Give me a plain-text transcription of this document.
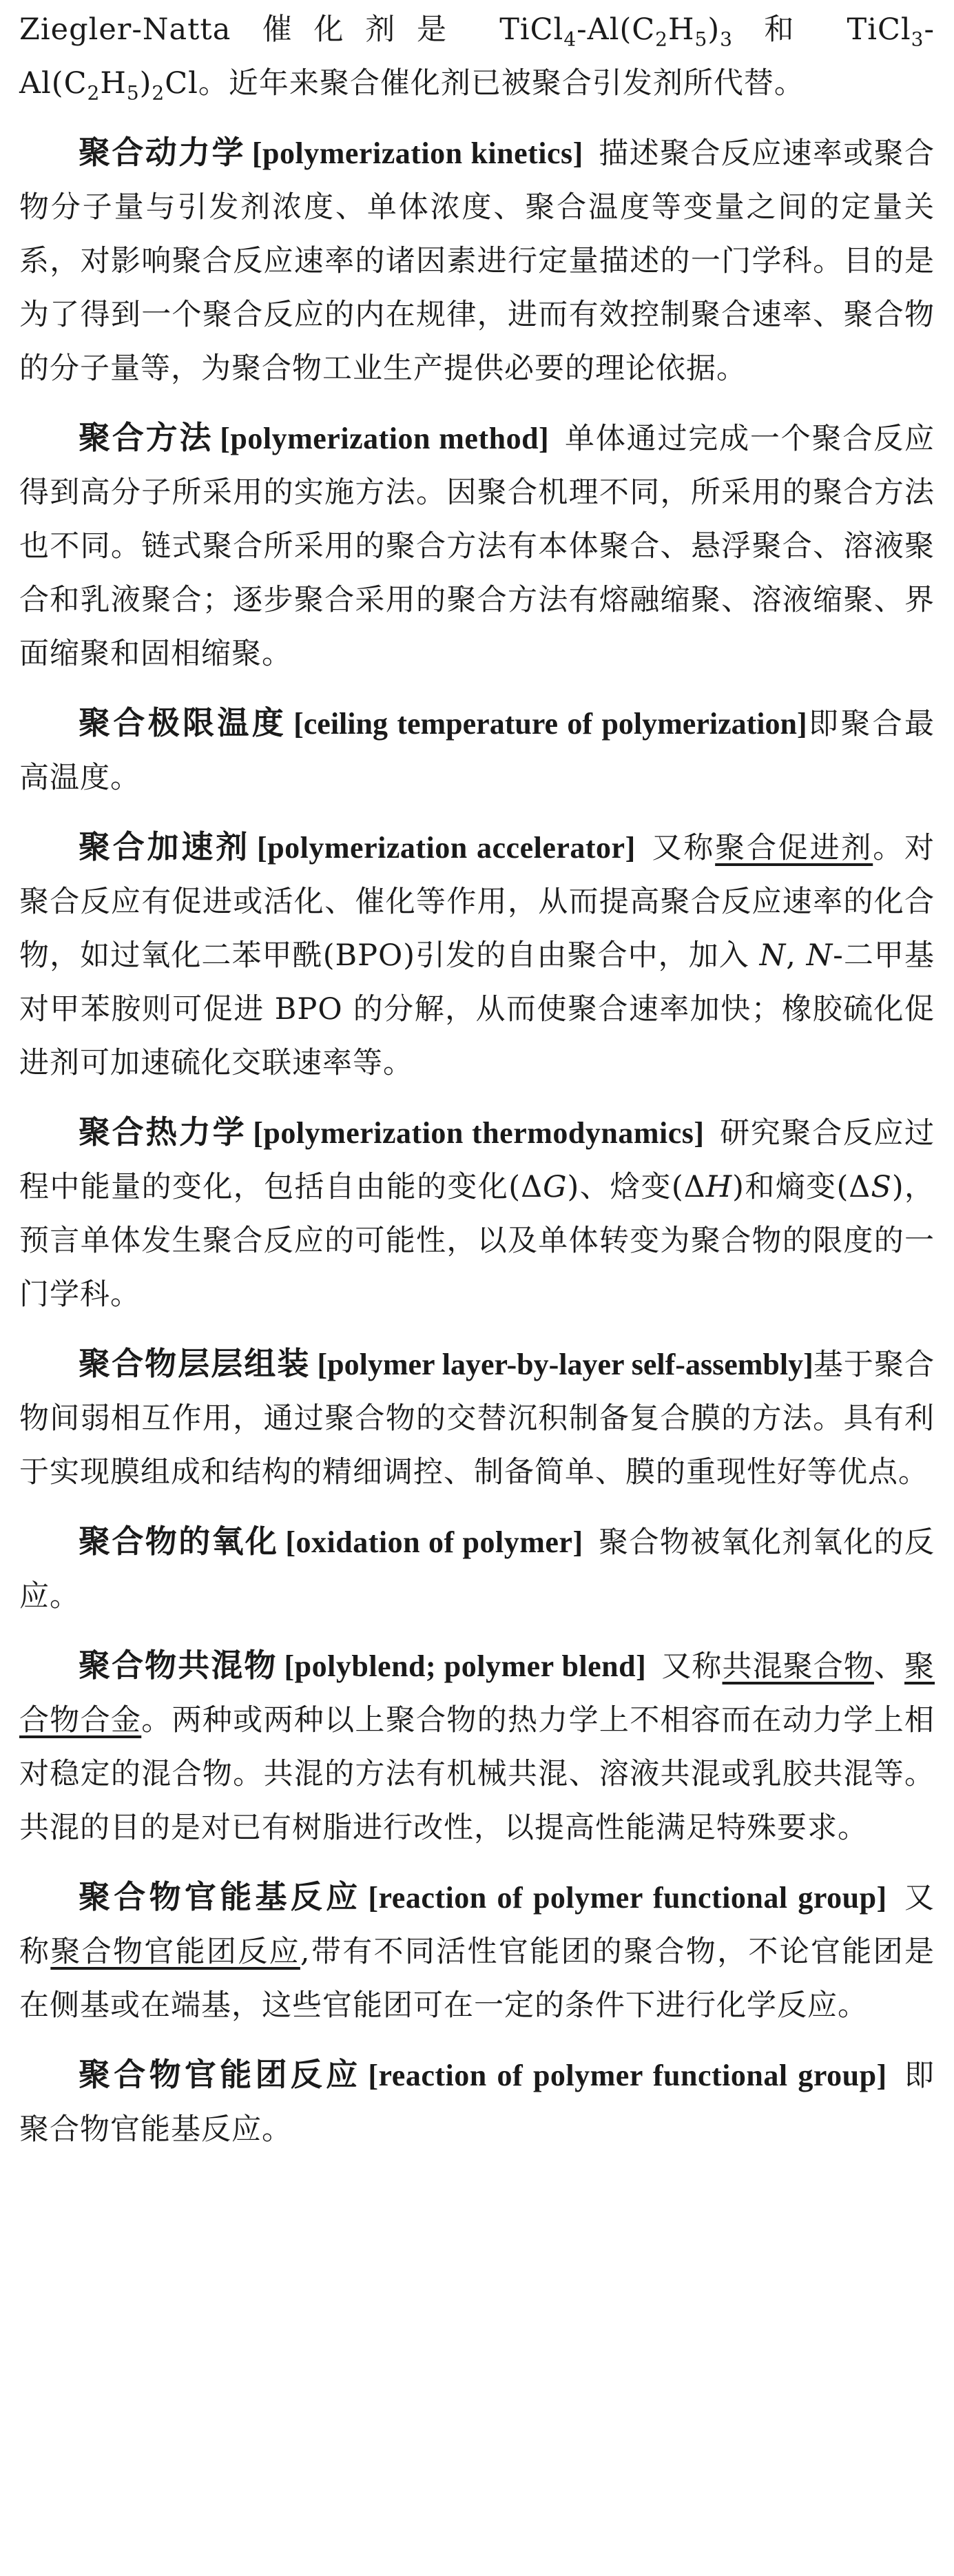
Ziegler-Natta 催化剂是 $TiCl_4-Al(C_2H_5)_3$ 和 TiCl$_3$- $Al(C_2H_5)_2Cl$。近年来聚合催化剂已被聚合引发剂所代替。

聚合动力学 [polymerization kinetics] 描述聚合反应速率或聚合物分子量与引发剂浓度、单体浓度、聚合温度等变量之间的定量关系，对影响聚合反应速率的诸因素进行定量描述的一门学科。目的是为了得到一个聚合反应的内在规律，进而有效控制聚合速率、聚合物的分子量等，为聚合物工业生产提供必要的理论依据。

聚合方法 [polymerization method] 单体通过完成一个聚合反应得到高分子所采用的实施方法。因聚合机理不同，所采用的聚合方法也不同。链式聚合所采用的聚合方法有本体聚合、悬浮聚合、溶液聚合和乳液聚合；逐步聚合采用的聚合方法有熔融缩聚、溶液缩聚、界面缩聚和固相缩聚。

聚合极限温度 [ceiling temperature of polymerization]即聚合最高温度。

聚合加速剂 [polymerization accelerator] 又称聚合促进剂。对聚合反应有促进或活化、催化等作用，从而提高聚合反应速率的化合物，如过氧化二苯甲酰(BPO)引发的自由聚合中，加入 N, N-二甲基对甲苯胺则可促进 BPO 的分解，从而使聚合速率加快；橡胶硫化促进剂可加速硫化交联速率等。

聚合热力学 [polymerization thermodynamics] 研究聚合反应过程中能量的变化，包括自由能的变化(ΔG)、焓变(ΔH)和熵变(ΔS)，预言单体发生聚合反应的可能性，以及单体转变为聚合物的限度的一门学科。

聚合物层层组装 [polymer layer-by-layer self-assembly]基于聚合物间弱相互作用，通过聚合物的交替沉积制备复合膜的方法。具有利于实现膜组成和结构的精细调控、制备简单、膜的重现性好等优点。

聚合物的氧化 [oxidation of polymer] 聚合物被氧化剂氧化的反应。

聚合物共混物 [polyblend; polymer blend] 又称共混聚合物、聚合物合金。两种或两种以上聚合物的热力学上不相容而在动力学上相对稳定的混合物。共混的方法有机械共混、溶液共混或乳胶共混等。共混的目的是对已有树脂进行改性，以提高性能满足特殊要求。

聚合物官能基反应 [reaction of polymer functional group] 又称聚合物官能团反应,带有不同活性官能团的聚合物，不论官能团是在侧基或在端基，这些官能团可在一定的条件下进行化学反应。

聚合物官能团反应 [reaction of polymer functional group] 即聚合物官能基反应。
